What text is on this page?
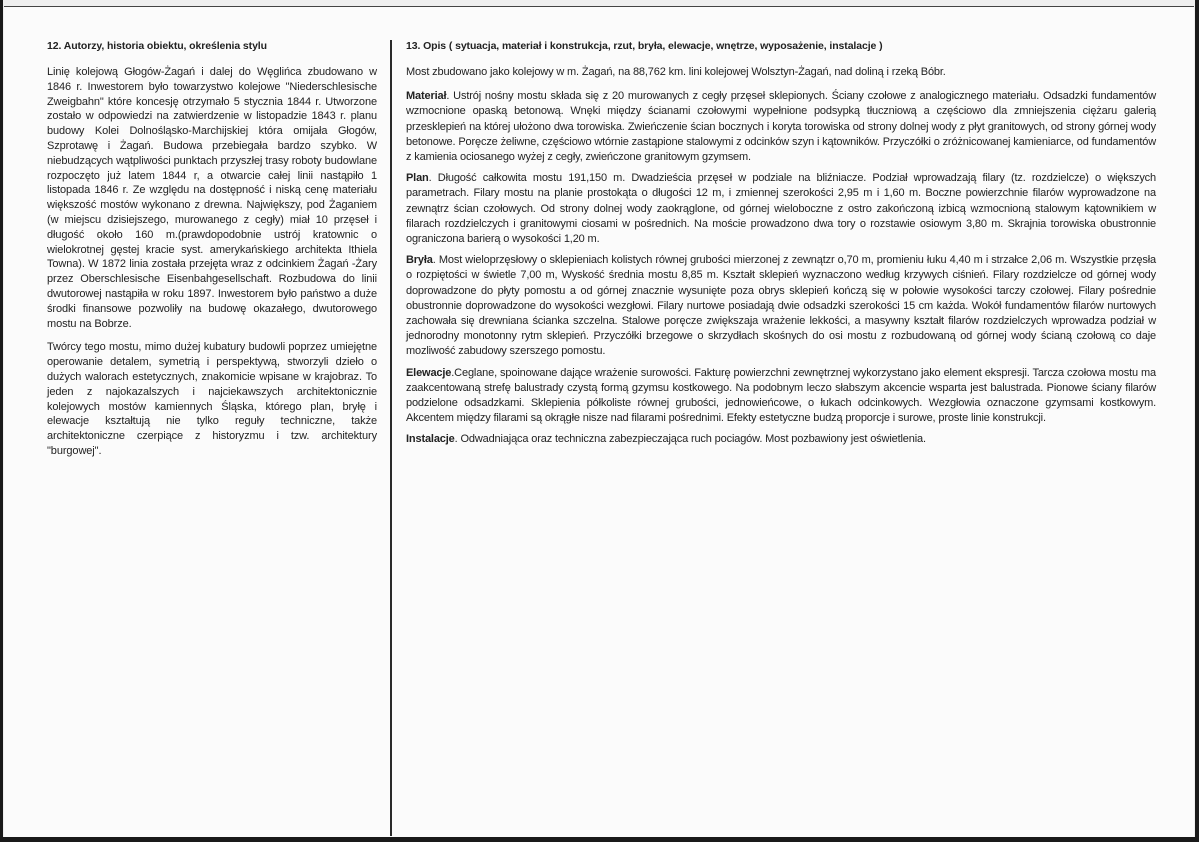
12. Autorzy, historia obiektu, określenia stylu

Linię kolejową Głogów-Żagań i dalej do Węglińca zbudowano w 1846 r. Inwestorem było towarzystwo kolejowe "Niederschlesische Zweigbahn" które koncesję otrzymało 5 stycznia 1844 r. Utworzone zostało w odpowiedzi na zatwierdzenie w listopadzie 1843 r. planu budowy Kolei Dolnośląsko-Marchijskiej która omijała Głogów, Szprotawę i Żagań. Budowa przebiegała bardzo szybko. W niebudzących wątpliwości punktach przyszłej trasy roboty budowlane rozpoczęto już latem 1844 r, a otwarcie całej linii nastąpiło 1 listopada 1846 r. Ze względu na dostępność i niską cenę materiału większość mostów wykonano z drewna. Największy, pod Żaganiem (w miejscu dzisiejszego, murowanego z cegły) miał 10 przęseł i długość około 160 m.(prawdopodobnie ustrój kratownic o wielokrotnej gęstej kracie syst. amerykańskiego architekta Ithiela Towna). W 1872 linia została przejęta wraz z odcinkiem Żagań -Żary przez Oberschlesische Eisenbahgesellschaft. Rozbudowa do linii dwutorowej nastąpiła w roku 1897. Inwestorem było państwo a duże środki finansowe pozwoliły na budowę okazałego, dwutorowego mostu na Bobrze.

Twórcy tego mostu, mimo dużej kubatury budowli poprzez umiejętne operowanie detalem, symetrią i perspektywą, stworzyli dzieło o dużych walorach estetycznych, znakomicie wpisane w krajobraz. To jeden z najokazalszych i najciekawszych architektonicznie kolejowych mostów kamiennych Śląska, którego plan, bryłę i elewacje kształtują nie tylko reguły techniczne, także architektoniczne czerpiące z historyzmu i tzw. architektury "burgowej".

13. Opis ( sytuacja, materiał i konstrukcja, rzut, bryła, elewacje, wnętrze, wyposażenie, instalacje )

Most zbudowano jako kolejowy w m. Żagań, na 88,762 km. lini kolejowej Wolsztyn-Żagań, nad doliną i rzeką Bóbr.

Materiał. Ustrój nośny mostu składa się z 20 murowanych z cegły przęseł sklepionych. Ściany czołowe z analogicznego materiału. Odsadzki fundamentów wzmocnione opaską betonową. Wnęki między ścianami czołowymi wypełnione podsypką tłuczniową a częściowo dla zmniejszenia ciężaru galerią przesklepień na której ułożono dwa torowiska. Zwieńczenie ścian bocznych i koryta torowiska od strony dolnej wody z płyt granitowych, od strony górnej wody betonowe. Poręcze żeliwne, częściowo wtórnie zastąpione stalowymi z odcinków szyn i kątowników. Przyczółki o zróżnicowanej kamieniarce, od fundamentów z kamienia ociosanego wyżej z cegły, zwieńczone granitowym gzymsem.

Plan. Długość całkowita mostu 191,150 m. Dwadzieścia przęseł w podziale na bliźniacze. Podział wprowadzają filary (tz. rozdzielcze) o większych parametrach. Filary mostu na planie prostokąta o długości 12 m, i zmiennej szerokości 2,95 m i 1,60 m. Boczne powierzchnie filarów wyprowadzone na zewnątrz ścian czołowych. Od strony dolnej wody zaokrąglone, od górnej wieloboczne z ostro zakończoną izbicą wzmocnioną stalowym kątownikiem w filarach rozdzielczych i granitowymi ciosami w pośrednich. Na moście prowadzono dwa tory o rozstawie osiowym 3,80 m. Skrajnia torowiska obustronnie ograniczona barierą o wysokości 1,20 m.

Bryła. Most wieloprzęsłowy o sklepieniach kolistych równej grubości mierzonej z zewnątzr o,70 m, promieniu łuku 4,40 m i strzałce 2,06 m. Wszystkie przęsła o rozpiętości w świetle 7,00 m, Wyskość średnia mostu 8,85 m. Kształt sklepień wyznaczono według krzywych ciśnień. Filary rozdzielcze od górnej wody doprowadzone do płyty pomostu a od górnej znacznie wysunięte poza obrys sklepień kończą się w połowie wysokości tarczy czołowej. Filary pośrednie obustronnie doprowadzone do wysokości wezgłowi. Filary nurtowe posiadają dwie odsadzki szerokości 15 cm każda. Wokół fundamentów filarów nurtowych zachowała się drewniana ścianka szczelna. Stalowe poręcze zwiększaja wrażenie lekkości, a masywny kształt filarów rozdzielczych wprowadza podział w jednorodny monotonny rytm sklepień. Przyczółki brzegowe o skrzydłach skośnych do osi mostu z rozbudowaną od górnej wody ścianą czołową co daje mozliwość zabudowy szerszego pomostu.

Elewacje.Ceglane, spoinowane dające wrażenie surowości. Fakturę powierzchni zewnętrznej wykorzystano jako element ekspresji. Tarcza czołowa mostu ma zaakcentowaną strefę balustrady czystą formą gzymsu kostkowego. Na podobnym leczo słabszym akcencie wsparta jest balustrada. Pionowe ściany filarów podzielone odsadzkami. Sklepienia półkoliste równej grubości, jednowieńcowe, o łukach odcinkowych. Wezgłowia oznaczone gzymsami kostkowym. Akcentem między filarami są okrągłe nisze nad filarami pośrednimi. Efekty estetyczne budzą proporcje i surowe, proste linie konstrukcji.

Instalacje. Odwadniająca oraz techniczna zabezpieczająca ruch pociagów. Most pozbawiony jest oświetlenia.
